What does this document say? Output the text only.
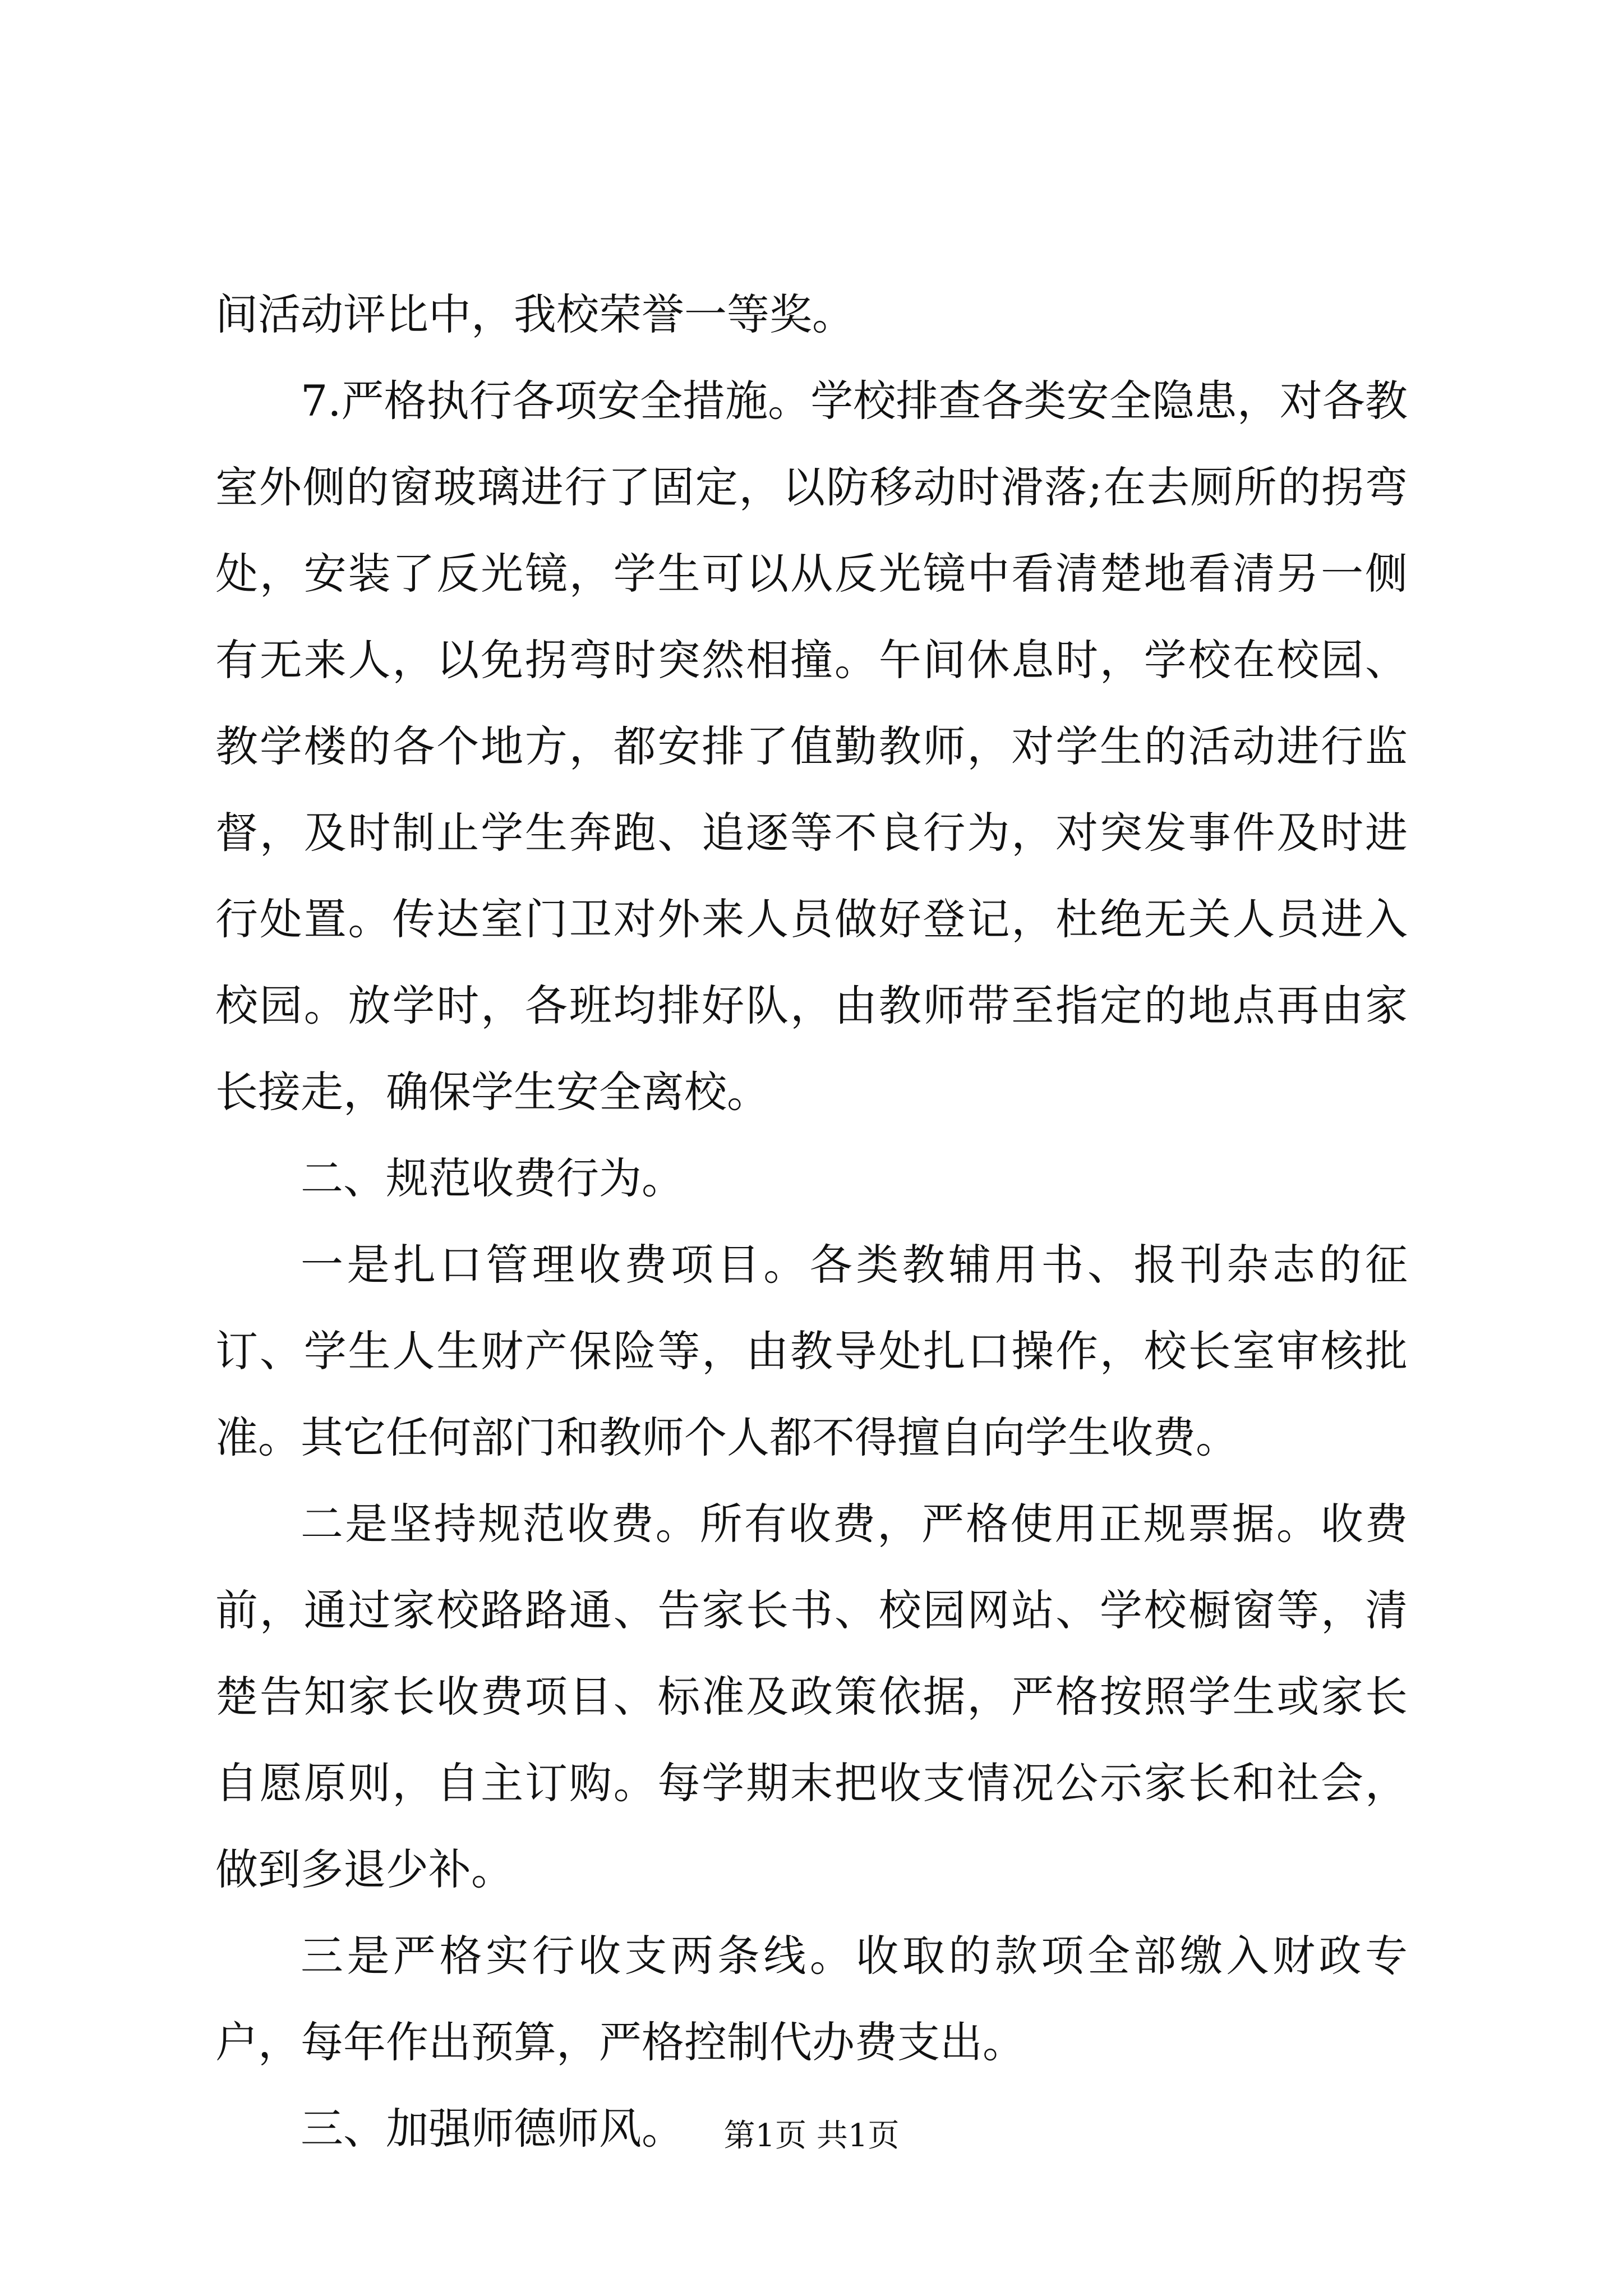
间活动评比中，我校荣誉一等奖。

7.严格执行各项安全措施。学校排查各类安全隐患，对各教室外侧的窗玻璃进行了固定，以防移动时滑落;在去厕所的拐弯处，安装了反光镜，学生可以从反光镜中看清楚地看清另一侧有无来人，以免拐弯时突然相撞。午间休息时，学校在校园、教学楼的各个地方，都安排了值勤教师，对学生的活动进行监督，及时制止学生奔跑、追逐等不良行为，对突发事件及时进行处置。传达室门卫对外来人员做好登记，杜绝无关人员进入校园。放学时，各班均排好队，由教师带至指定的地点再由家长接走，确保学生安全离校。

二、规范收费行为。

一是扎口管理收费项目。各类教辅用书、报刊杂志的征订、学生人生财产保险等，由教导处扎口操作，校长室审核批准。其它任何部门和教师个人都不得擅自向学生收费。

二是坚持规范收费。所有收费，严格使用正规票据。收费前，通过家校路路通、告家长书、校园网站、学校橱窗等，清楚告知家长收费项目、标准及政策依据，严格按照学生或家长自愿原则，自主订购。每学期末把收支情况公示家长和社会，做到多退少补。

三是严格实行收支两条线。收取的款项全部缴入财政专户，每年作出预算，严格控制代办费支出。

三、加强师德师风。	第1页 共1页
